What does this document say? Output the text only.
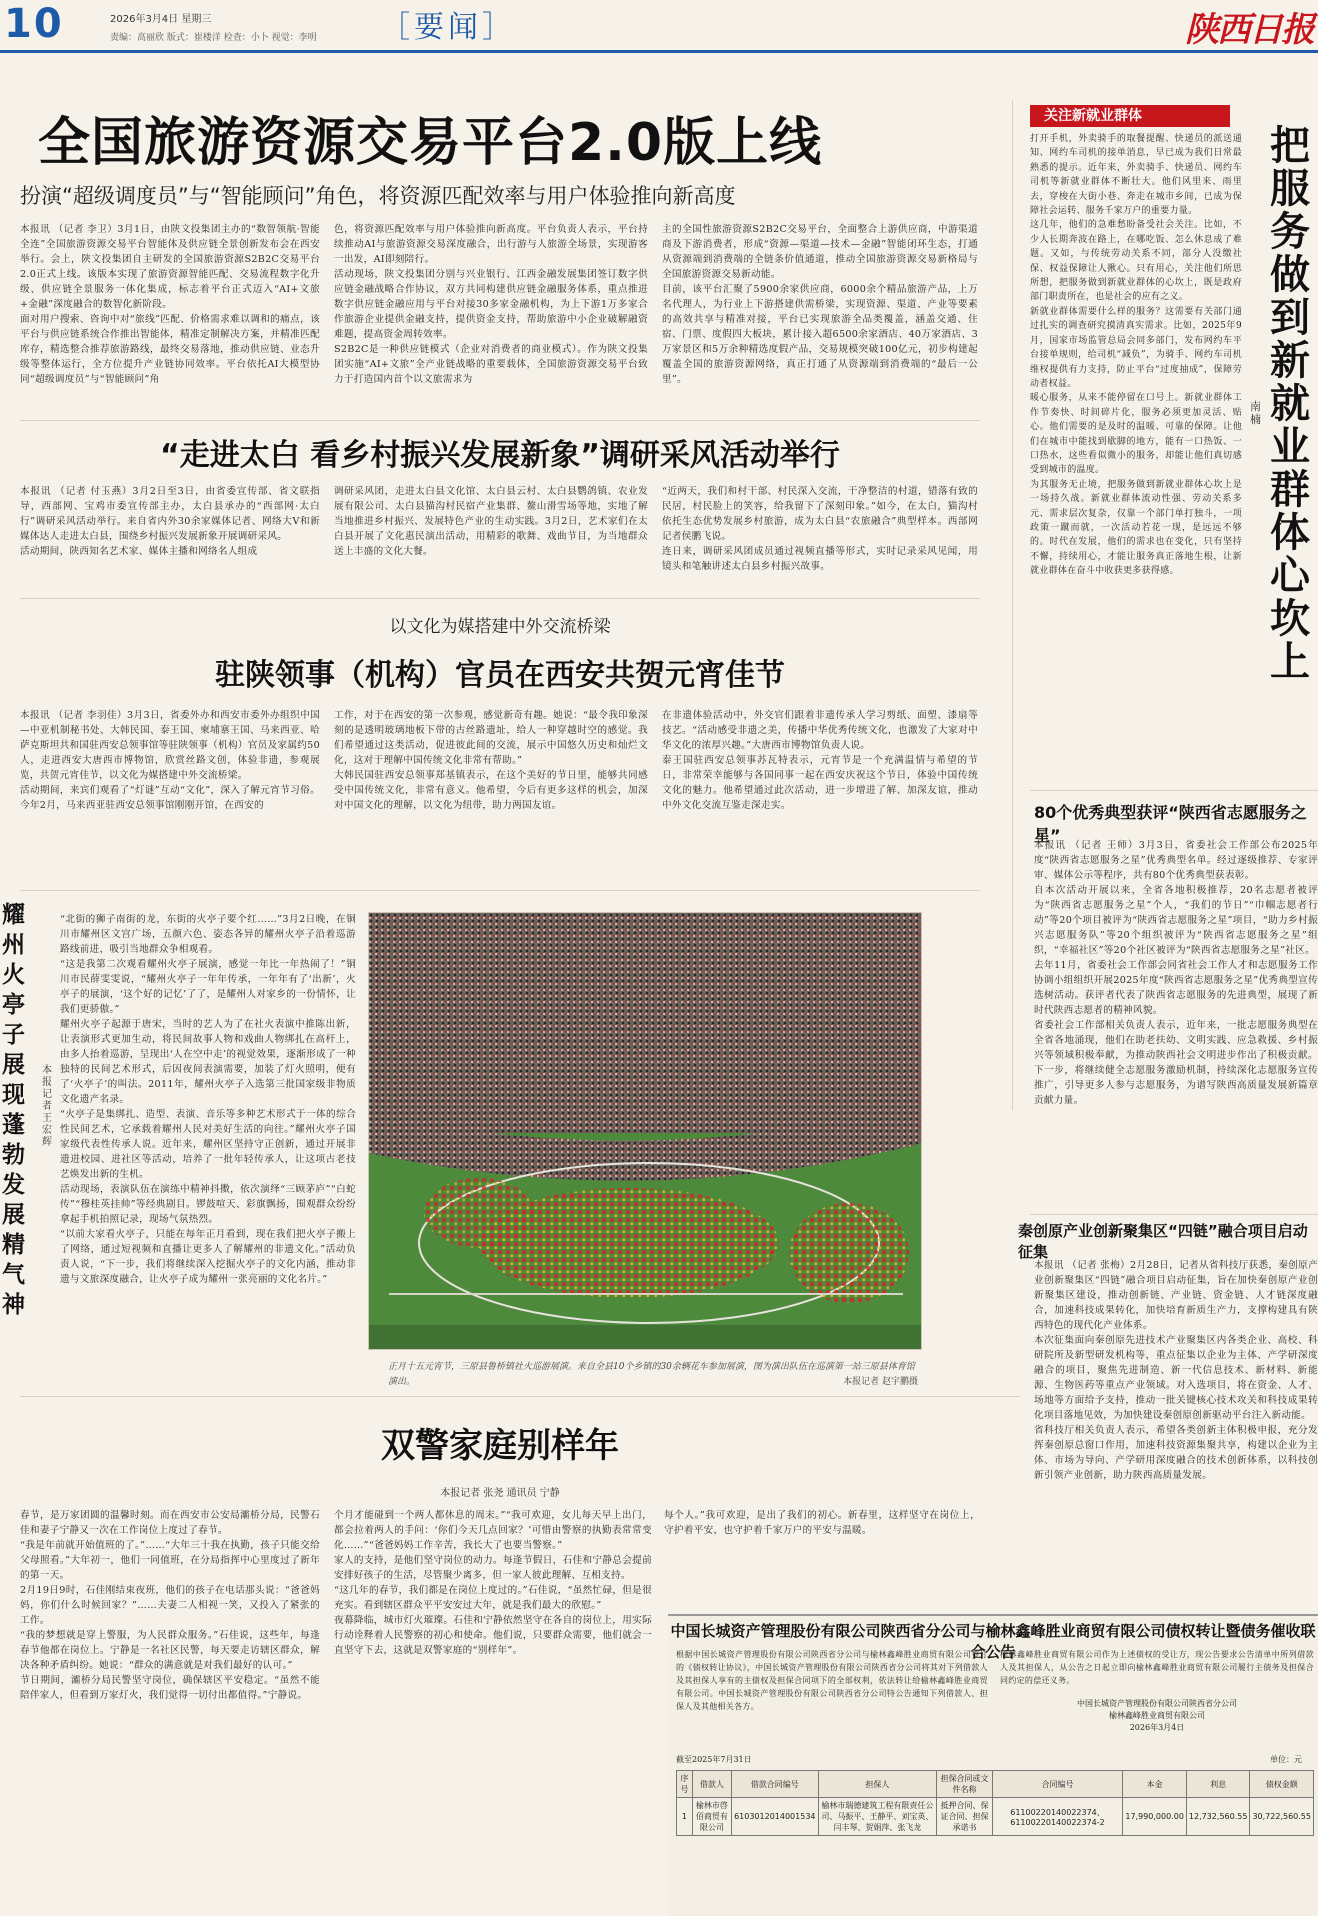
10	2026年3月4日 星期三
责编：高丽欣 版式：崔楼洋 检查：小卜 视觉：李明 ［要闻］	陕西日报
全国旅游资源交易平台2.0版上线
扮演“超级调度员”与“智能顾问”角色，将资源匹配效率与用户体验推向新高度
本报讯 （记者 李卫）3月1日，由陕文投集团主办的“数智领航·智能全连”全国旅游资源交易平台智能体及供应链全景创新发布会在西安举行。会上，陕文投集团自主研发的全国旅游资源S2B2C交易平台2.0正式上线。该版本实现了旅游资源智能匹配、交易流程数字化升级、供应链全景服务一体化集成，标志着平台正式迈入“AI+文旅+金融”深度融合的数智化新阶段。
面对用户搜索、咨询中对“旅线”匹配、价格需求难以调和的痛点，该平台与供应链系统合作推出智能体，精准定制解决方案，并精准匹配库存，精选整合推荐旅游路线，最终交易落地，推动供应链、业态升级等整体运行，全方位提升产业链协同效率。平台依托AI大模型协同“超级调度员”与“智能顾问”角
色，将资源匹配效率与用户体验推向新高度。平台负责人表示，平台持续推动AI与旅游资源交易深度融合，出行游与人旅游全场景，实现游客一出发，AI即刻陪行。
活动现场，陕文投集团分别与兴业银行、江西金融发展集团签订数字供应链金融战略合作协议，双方共同构建供应链金融服务体系，重点推进数字供应链金融应用与平台对接30多家金融机构，为上下游1万多家合作旅游企业提供金融支持，提供资金支持，帮助旅游中小企业破解融资难题，提高资金周转效率。
S2B2C是一种供应链模式（企业对消费者的商业模式）。作为陕文投集团实施“AI+文旅”全产业链战略的重要载体，全国旅游资源交易平台致力于打造国内首个以文旅需求为
主的全国性旅游资源S2B2C交易平台，全面整合上游供应商，中游渠道商及下游消费者，形成“资源—渠道—技术—金融”智能闭环生态，打通从资源端到消费端的全链条价值通道，推动全国旅游资源交易新格局与全国旅游资源交易新动能。
目前，该平台汇聚了5900余家供应商，6000余个精品旅游产品，上万名代理人，为行业上下游搭建供需桥梁，实现资源、渠道、产业等要素的高效共享与精准对接，平台已实现旅游全品类覆盖，涵盖交通、住宿、门票、度假四大板块，累计接入超6500余家酒店、40万家酒店、3万家景区和5万余种精选度假产品，交易规模突破100亿元，初步构建起覆盖全国的旅游资源网络，真正打通了从资源端到消费端的“最后一公里”。
关注新就业群体
把服务做到新就业群体心坎上
南楠
打开手机，外卖骑手的取餐提醒、快递员的派送通知、网约车司机的接单消息，早已成为我们日常最熟悉的提示。近年来，外卖骑手、快递员、网约车司机等新就业群体不断壮大。他们风里来、雨里去，穿梭在大街小巷、奔走在城市乡间，已成为保障社会运转、服务千家万户的重要力量。
这几年，他们的急难愁盼备受社会关注。比如，不少人长期奔波在路上，在哪吃饭、怎么休息成了难题。又如，与传统劳动关系不同，部分人没缴社保、权益保障让人揪心。只有用心，关注他们所思所想，把服务做到新就业群体的心坎上，既是政府部门职责所在，也是社会的应有之义。
新就业群体需要什么样的服务？这需要有关部门通过扎实的调查研究摸清真实需求。比如，2025年9月，国家市场监管总局会同多部门，发布网约车平台接单规则，给司机“减负”，为骑手、网约车司机维权提供有力支持，防止平台“过度抽成”，保障劳动者权益。
暖心服务，从来不能停留在口号上。新就业群体工作节奏快、时间碎片化，服务必须更加灵活、贴心。他们需要的是及时的温暖、可靠的保障。让他们在城市中能找到歇脚的地方，能有一口热饭、一口热水，这些看似微小的服务，却能让他们真切感受到城市的温度。
为其服务无止境，把服务做到新就业群体心坎上是一场持久战。新就业群体流动性强、劳动关系多元、需求层次复杂，仅靠一个部门单打独斗，一项政策一蹴而就，一次活动若花一现，是远远不够的。时代在发展，他们的需求也在变化，只有坚持不懈，持续用心，才能让服务真正落地生根，让新就业群体在奋斗中收获更多获得感。
“走进太白 看乡村振兴发展新象”调研采风活动举行
本报讯 （记者 付玉燕）3月2日至3日，由省委宣传部、省文联指导，西部网、宝鸡市委宣传部主办，太白县承办的“西部网·太白行”调研采风活动举行。来自省内外30余家媒体记者、网络大V和新媒体达人走进太白县，围绕乡村振兴发展新象开展调研采风。
活动期间，陕西知名艺术家、媒体主播和网络名人组成
调研采风团，走进太白县文化馆、太白县云村、太白县鹦鸽镇、农业发展有限公司、太白县猫沟村民宿产业集群、鳌山滑雪场等地，实地了解当地推进乡村振兴、发展特色产业的生动实践。3月2日，艺术家们在太白县开展了文化惠民演出活动，用精彩的歌舞、戏曲节目，为当地群众送上丰盛的文化大餐。
“近两天，我们和村干部、村民深入交流，干净整洁的村道，错落有致的民居，村民脸上的笑容，给我留下了深刻印象。”如今，在太白，猫沟村依托生态优势发展乡村旅游，成为太白县“农旅融合”典型样本。西部网记者侯鹏飞说。
连日来，调研采风团成员通过视频直播等形式，实时记录采风见闻，用镜头和笔触讲述太白县乡村振兴故事。
以文化为媒搭建中外交流桥梁
驻陕领事（机构）官员在西安共贺元宵佳节
本报讯 （记者 李羽佳）3月3日，省委外办和西安市委外办组织中国—中亚机制秘书处、大韩民国、泰王国、柬埔寨王国、马来西亚、哈萨克斯坦共和国驻西安总领事馆等驻陕领事（机构）官员及家属约50人，走进西安大唐西市博物馆，欣赏丝路文创，体验非遗，参观展览，共贺元宵佳节，以文化为媒搭建中外交流桥梁。
活动期间，来宾们观看了“灯谜”互动“文化”，深入了解元宵节习俗。今年2月，马来西亚驻西安总领事馆刚刚开馆，在西安的
工作，对于在西安的第一次参观，感觉新奇有趣。她说：“最令我印象深刻的是透明玻璃地板下带的古丝路遗址，给人一种穿越时空的感觉。我们希望通过这类活动，促进彼此间的交流，展示中国悠久历史和灿烂文化，这对于理解中国传统文化非常有帮助。”
大韩民国驻西安总领事郑基镇表示，在这个美好的节日里，能够共同感受中国传统文化，非常有意义。他希望，今后有更多这样的机会，加深对中国文化的理解，以文化为纽带，助力两国友谊。
在非遗体验活动中，外交官们跟着非遗传承人学习剪纸、面塑、漆扇等技艺。“活动感受非遗之美，传播中华优秀传统文化，也激发了大家对中华文化的浓厚兴趣。”大唐西市博物馆负责人说。
泰王国驻西安总领事苏瓦特表示，元宵节是一个充满温情与希望的节日，非常荣幸能够与各国同事一起在西安庆祝这个节日，体验中国传统文化的魅力。他希望通过此次活动，进一步增进了解、加深友谊，推动中外文化交流互鉴走深走实。
耀州火亭子展现蓬勃发展精气神
本报记者 王宏辉
“北街的狮子南街的龙，东街的火亭子要个红……”3月2日晚，在铜川市耀州区文宫广场，五颜六色、姿态各异的耀州火亭子沿着巡游路线前进，吸引当地群众争相观看。
“这是我第二次观看耀州火亭子展演，感觉一年比一年热闹了！”铜川市民薛雯雯说，“耀州火亭子一年年传承，一年年有了‘出新’，火亭子的展演，‘这个好的记忆’了了，是耀州人对家乡的一份情怀，让我们更骄傲。”
耀州火亭子起源于唐宋，当时的艺人为了在社火表演中推陈出新，让表演形式更加生动，将民间故事人物和戏曲人物绑扎在高杆上，由多人抬着巡游，呈现出‘人在空中走’的视觉效果，逐渐形成了一种独特的民间艺术形式，后因夜间表演需要，加装了灯火照明，便有了‘火亭子’的叫法。2011年，耀州火亭子入选第三批国家级非物质文化遗产名录。
“火亭子是集绑扎、造型、表演、音乐等多种艺术形式于一体的综合性民间艺术，它承载着耀州人民对美好生活的向往。”耀州火亭子国家级代表性传承人说。近年来，耀州区坚持守正创新，通过开展非遗进校园、进社区等活动，培养了一批年轻传承人，让这项古老技艺焕发出新的生机。
活动现场，表演队伍在演练中精神抖擞，依次演绎“三顾茅庐”“白蛇传”“穆桂英挂帅”等经典剧目。锣鼓喧天、彩旗飘扬，围观群众纷纷拿起手机拍照记录，现场气氛热烈。
“以前大家看火亭子，只能在每年正月看到，现在我们把火亭子搬上了网络，通过短视频和直播让更多人了解耀州的非遗文化。”活动负责人说，“下一步，我们将继续深入挖掘火亭子的文化内涵，推动非遗与文旅深度融合，让火亭子成为耀州一张亮丽的文化名片。”
正月十五元宵节，三原县鲁桥镇社火巡游展演。来自全县10个乡镇的30余辆花车参加展演，图为演出队伍在巡演第一站三原县体育馆演出。	本报记者 赵宇鹏摄
80个优秀典型获评“陕西省志愿服务之星”
本报讯 （记者 王师）3月3日，省委社会工作部公布2025年度“陕西省志愿服务之星”优秀典型名单。经过逐级推荐、专家评审、媒体公示等程序，共有80个优秀典型获表彰。
自本次活动开展以来，全省各地积极推荐，20名志愿者被评为“陕西省志愿服务之星”个人，“我们的节日”“巾帼志愿者行动”等20个项目被评为“陕西省志愿服务之星”项目，“助力乡村振兴志愿服务队”等20个组织被评为“陕西省志愿服务之星”组织，“幸福社区”等20个社区被评为“陕西省志愿服务之星”社区。
去年11月，省委社会工作部会同省社会工作人才和志愿服务工作协调小组组织开展2025年度“陕西省志愿服务之星”优秀典型宣传选树活动。获评者代表了陕西省志愿服务的先进典型，展现了新时代陕西志愿者的精神风貌。
省委社会工作部相关负责人表示，近年来，一批志愿服务典型在全省各地涌现，他们在助老扶幼、文明实践、应急救援、乡村振兴等领域积极奉献，为推动陕西社会文明进步作出了积极贡献。下一步，将继续健全志愿服务激励机制，持续深化志愿服务宣传推广，引导更多人参与志愿服务，为谱写陕西高质量发展新篇章贡献力量。
秦创原产业创新聚集区“四链”融合项目启动征集
本报讯 （记者 张梅）2月28日，记者从省科技厅获悉，秦创原产业创新聚集区“四链”融合项目启动征集，旨在加快秦创原产业创新聚集区建设，推动创新链、产业链、资金链、人才链深度融合，加速科技成果转化，加快培育新质生产力，支撑构建具有陕西特色的现代化产业体系。
本次征集面向秦创原先进技术产业聚集区内各类企业、高校、科研院所及新型研发机构等，重点征集以企业为主体、产学研深度融合的项目，聚焦先进制造、新一代信息技术、新材料、新能源、生物医药等重点产业领域。对入选项目，将在资金、人才、场地等方面给予支持，推动一批关键核心技术攻关和科技成果转化项目落地见效，为加快建设秦创原创新驱动平台注入新动能。
省科技厅相关负责人表示，希望各类创新主体积极申报，充分发挥秦创原总窗口作用，加速科技资源集聚共享，构建以企业为主体、市场为导向、产学研用深度融合的技术创新体系，以科技创新引领产业创新，助力陕西高质量发展。
双警家庭别样年
本报记者 张尧 通讯员 宁静
春节，是万家团圆的温馨时刻。而在西安市公安局灞桥分局，民警石佳和妻子宁静又一次在工作岗位上度过了春节。
“我是年前就开始值班的了。”……“大年三十我在执勤，孩子只能交给父母照看。”大年初一，他们一同值班，在分局指挥中心里度过了新年的第一天。
2月19日9时，石佳刚结束夜班，他们的孩子在电话那头说：“爸爸妈妈，你们什么时候回家？”……夫妻二人相视一笑，又投入了紧张的工作。
“我的梦想就是穿上警服，为人民群众服务。”石佳说，这些年，每逢春节他都在岗位上。宁静是一名社区民警，每天要走访辖区群众，解决各种矛盾纠纷。她说：“群众的满意就是对我们最好的认可。”
节日期间，灞桥分局民警坚守岗位，确保辖区平安稳定。“虽然不能陪伴家人，但看到万家灯火，我们觉得一切付出都值得。”宁静说。
个月才能碰到一个两人都休息的周末。”“我可欢迎，女儿每天早上出门，都会拉着两人的手问：‘你们今天几点回家？’可惜由警察的执勤表常常变化……”“爸爸妈妈工作辛苦，我长大了也要当警察。”
家人的支持，是他们坚守岗位的动力。每逢节假日，石佳和宁静总会提前安排好孩子的生活，尽管聚少离多，但一家人彼此理解、互相支持。
“这几年的春节，我们都是在岗位上度过的。”石佳说，“虽然忙碌，但是很充实。看到辖区群众平平安安过大年，就是我们最大的欣慰。”
夜幕降临，城市灯火璀璨。石佳和宁静依然坚守在各自的岗位上，用实际行动诠释着人民警察的初心和使命。他们说，只要群众需要，他们就会一直坚守下去，这就是双警家庭的“别样年”。
每个人。”我可欢迎，是出了我们的初心。新春里，这样坚守在岗位上，守护着平安，也守护着千家万户的平安与温暖。
中国长城资产管理股份有限公司陕西省分公司与榆林鑫峰胜业商贸有限公司债权转让暨债务催收联合公告
根据中国长城资产管理股份有限公司陕西省分公司与榆林鑫峰胜业商贸有限公司签订的《债权转让协议》，中国长城资产管理股份有限公司陕西省分公司将其对下列借款人及其担保人享有的主债权及担保合同项下的全部权利，依法转让给榆林鑫峰胜业商贸有限公司。中国长城资产管理股份有限公司陕西省分公司特公告通知下列借款人、担保人及其他相关各方。
榆林鑫峰胜业商贸有限公司作为上述债权的受让方，现公告要求公告清单中所列借款人及其担保人，从公告之日起立即向榆林鑫峰胜业商贸有限公司履行主债务及担保合同约定的偿还义务。
中国长城资产管理股份有限公司陕西省分公司
榆林鑫峰胜业商贸有限公司
2026年3月4日
截至2025年7月31日	单位：元
序号	借款人	借款合同编号	担保人	担保合同或文件名称	合同编号	本金	利息	债权金额
1	榆林市啓佰商贸有限公司	6103012014001534	榆林市瑞德建筑工程有限责任公司、马振平、王静平、刘宝英、闫丰琴、贺娟萍、张飞龙	抵押合同、保证合同、担保承诺书	61100220140022374、61100220140022374-2	17,990,000.00	12,732,560.55	30,722,560.55
